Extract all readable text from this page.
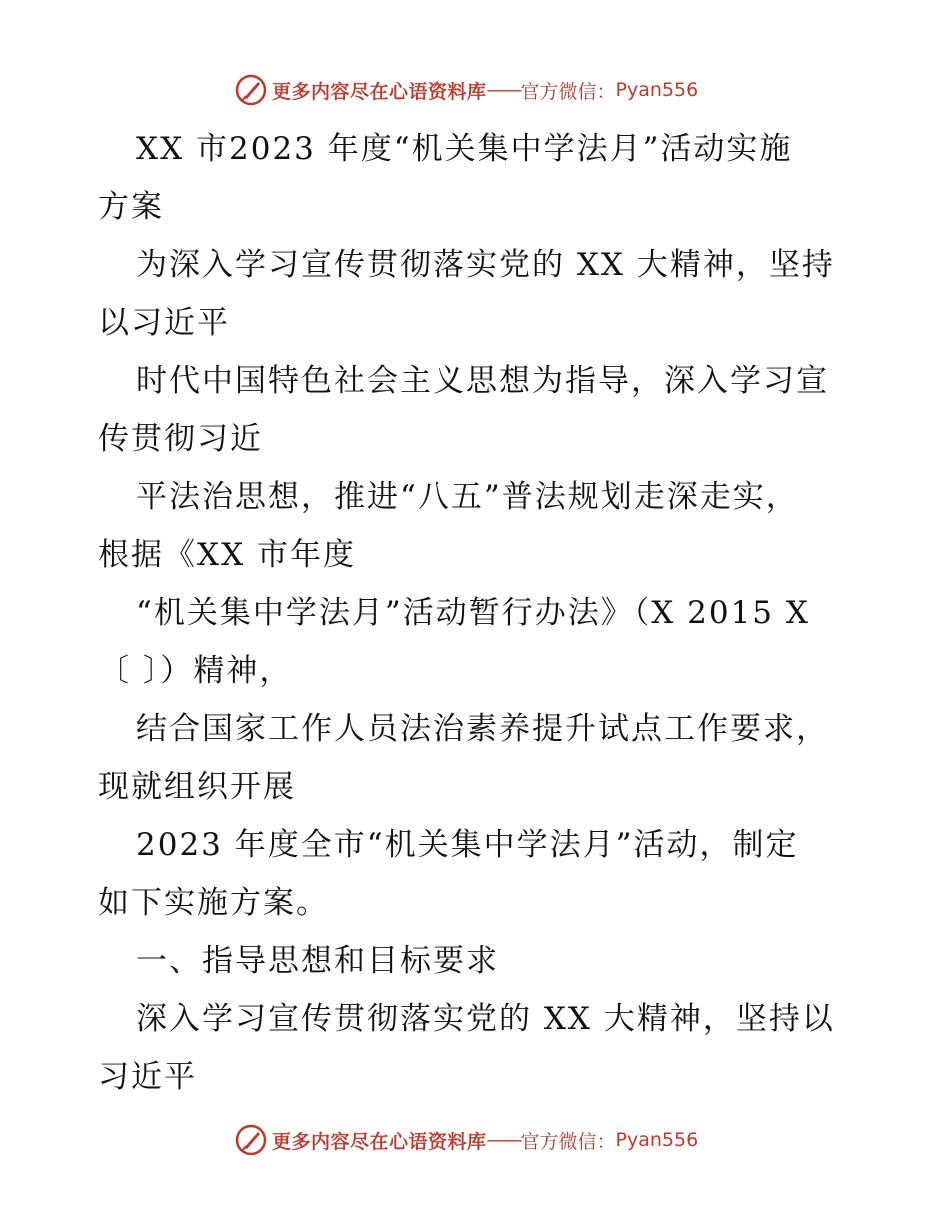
更多内容尽在心语资料库 —— 官方微信： Pyan556
XX 市2023 年度“机关集中学法月”活动实施
方案
为深入学习宣传贯彻落实党的 XX 大精神，坚持
以习近平
时代中国特色社会主义思想为指导，深入学习宣
传贯彻习近
平法治思想，推进“八五”普法规划走深走实，
根据《XX 市年度
“机关集中学法月”活动暂行办法》（X 2015 X
〔 〕）精神，
结合国家工作人员法治素养提升试点工作要求，
现就组织开展
2023 年度全市“机关集中学法月”活动，制定
如下实施方案。
一、指导思想和目标要求
深入学习宣传贯彻落实党的 XX 大精神，坚持以
习近平
更多内容尽在心语资料库 —— 官方微信： Pyan556
